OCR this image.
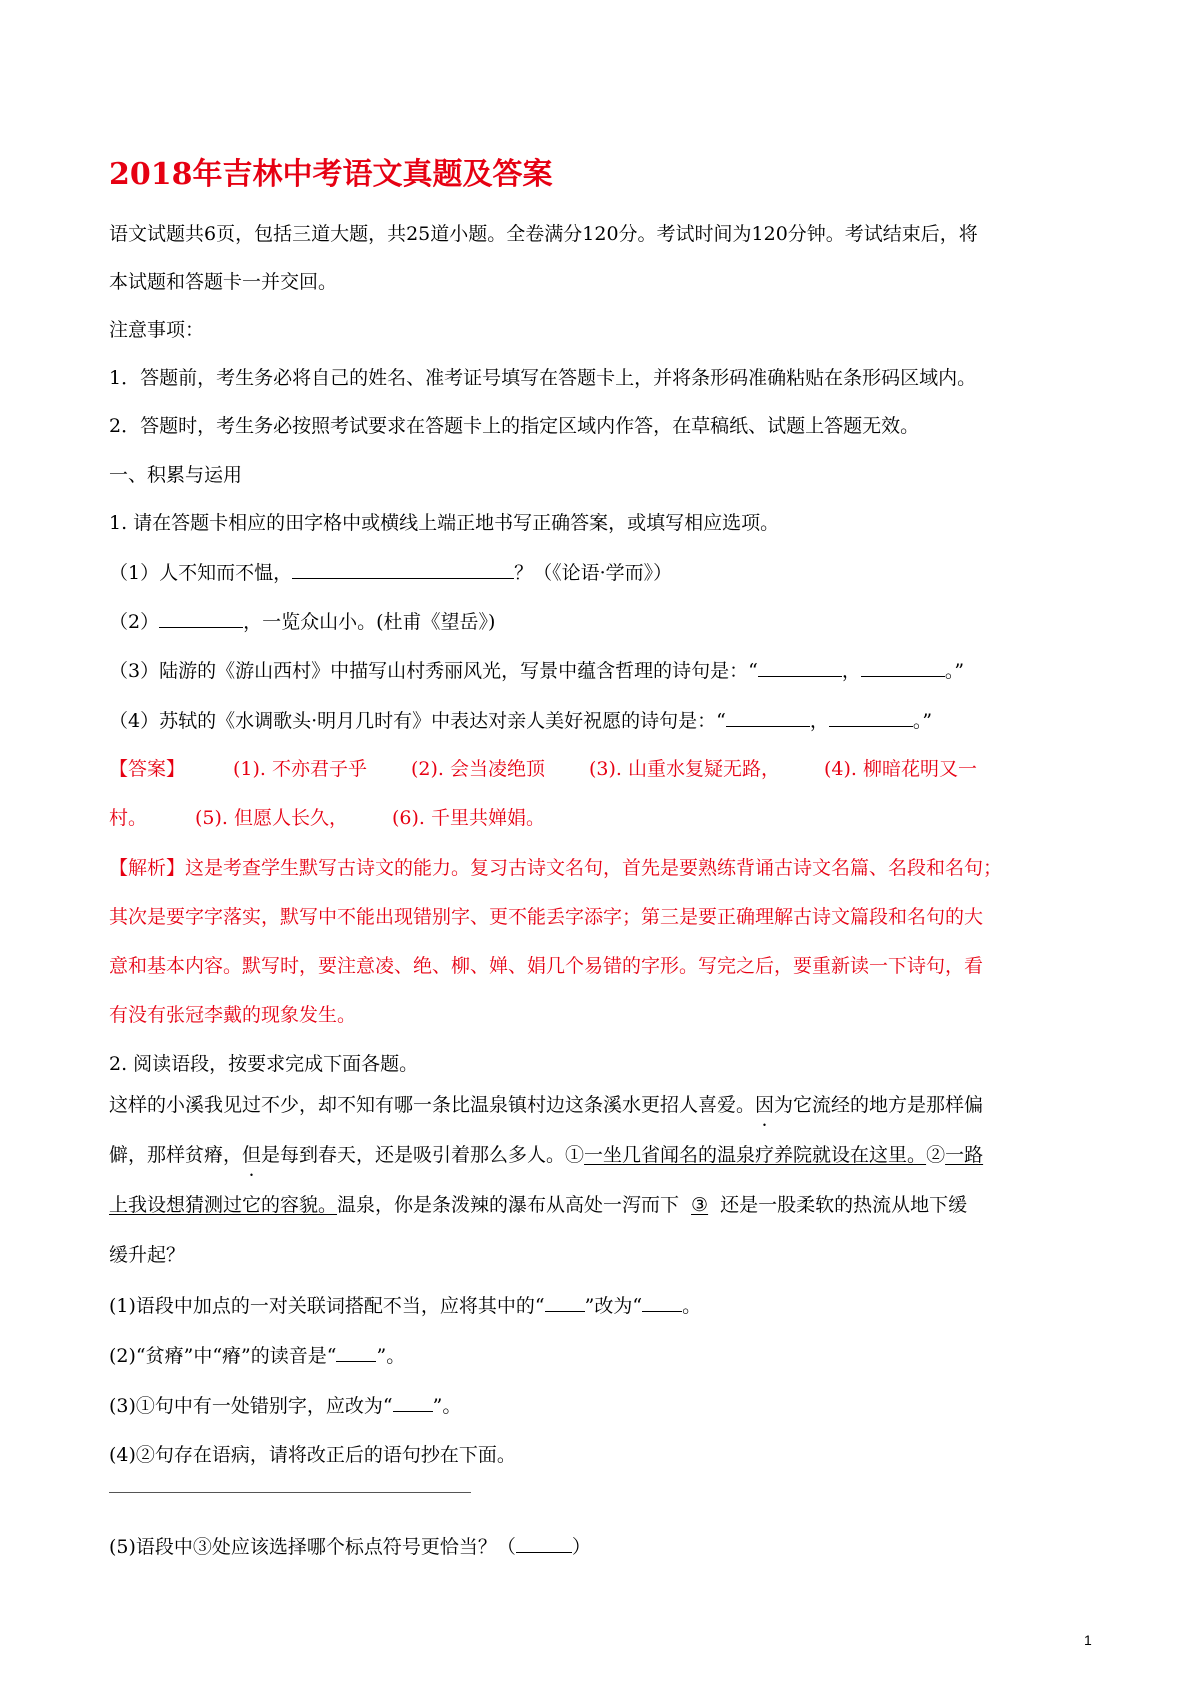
2018年吉林中考语文真题及答案
语文试题共6页，包括三道大题，共25道小题。全卷满分120分。考试时间为120分钟。考试结束后，将
本试题和答题卡一并交回。
注意事项：
1．答题前，考生务必将自己的姓名、准考证号填写在答题卡上，并将条形码准确粘贴在条形码区域内。
2．答题时，考生务必按照考试要求在答题卡上的指定区域内作答，在草稿纸、试题上答题无效。
一、积累与运用
1. 请在答题卡相应的田字格中或横线上端正地书写正确答案，或填写相应选项。
（1）人不知而不愠，	？（《论语·学而》）
（2）	，一览众山小。(杜甫《望岳》)
（3）陆游的《游山西村》中描写山村秀丽风光，写景中蕴含哲理的诗句是：“	，	。”
（4）苏轼的《水调歌头·明月几时有》中表达对亲人美好祝愿的诗句是：“	，	。”
【答案】	(1). 不亦君子乎 (2). 会当凌绝顶 (3). 山重水复疑无路， (4). 柳暗花明又一
村。	(5). 但愿人长久， (6). 千里共婵娟。
【解析】这是考查学生默写古诗文的能力。复习古诗文名句，首先是要熟练背诵古诗文名篇、名段和名句；
其次是要字字落实，默写中不能出现错别字、更不能丢字添字；第三是要正确理解古诗文篇段和名句的大
意和基本内容。默写时，要注意凌、绝、柳、婵、娟几个易错的字形。写完之后，要重新读一下诗句，看
有没有张冠李戴的现象发生。
2. 阅读语段，按要求完成下面各题。
这样的小溪我见过不少，却不知有哪一条比温泉镇村边这条溪水更招人喜爱。因为它流经的地方是那样偏
僻，那样贫瘠，但是每到春天，还是吸引着那么多人。①一坐几省闻名的温泉疗养院就设在这里。②一路
上我设想猜测过它的容貌。温泉，你是条泼辣的瀑布从高处一泻而下 ③ 还是一股柔软的热流从地下缓
缓升起？
(1)语段中加点的一对关联词搭配不当，应将其中的“ ”改为“ 。
(2)“贫瘠”中“瘠”的读音是“ ”。
(3)①句中有一处错别字，应改为“ ”。
(4)②句存在语病，请将改正后的语句抄在下面。
(5)语段中③处应该选择哪个标点符号更恰当？（	）
1
